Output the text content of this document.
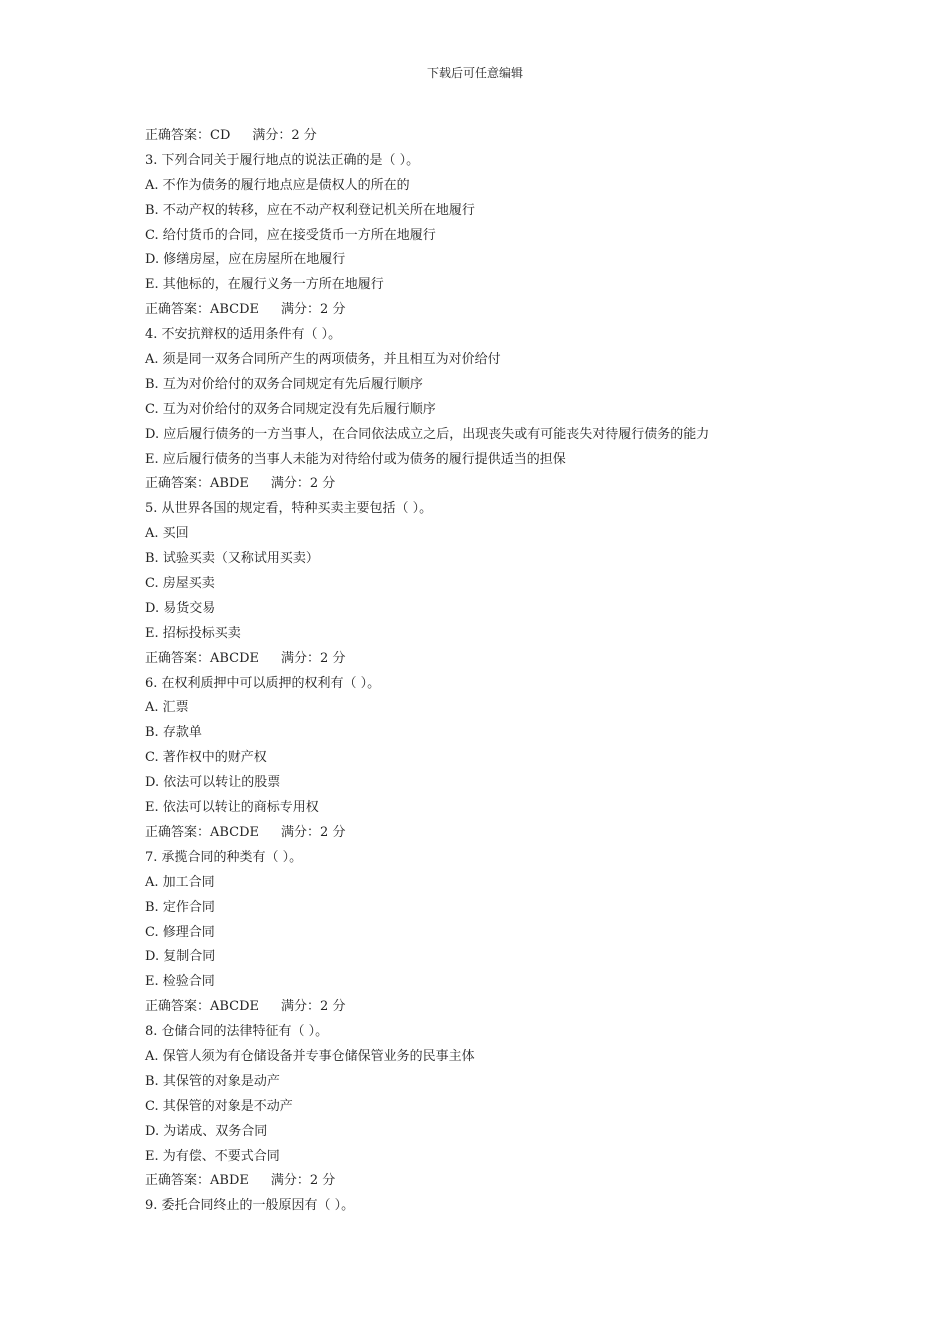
下载后可任意编辑
正确答案：CD 满分：2 分
3. 下列合同关于履行地点的说法正确的是（ ）。
A. 不作为债务的履行地点应是债权人的所在的
B. 不动产权的转移，应在不动产权利登记机关所在地履行
C. 给付货币的合同，应在接受货币一方所在地履行
D. 修缮房屋，应在房屋所在地履行
E. 其他标的，在履行义务一方所在地履行
正确答案：ABCDE 满分：2 分
4. 不安抗辩权的适用条件有（ ）。
A. 须是同一双务合同所产生的两项债务，并且相互为对价给付
B. 互为对价给付的双务合同规定有先后履行顺序
C. 互为对价给付的双务合同规定没有先后履行顺序
D. 应后履行债务的一方当事人，在合同依法成立之后，出现丧失或有可能丧失对待履行债务的能力
E. 应后履行债务的当事人未能为对待给付或为债务的履行提供适当的担保
正确答案：ABDE 满分：2 分
5. 从世界各国的规定看，特种买卖主要包括（ ）。
A. 买回
B. 试验买卖（又称试用买卖）
C. 房屋买卖
D. 易货交易
E. 招标投标买卖
正确答案：ABCDE 满分：2 分
6. 在权利质押中可以质押的权利有（ ）。
A. 汇票
B. 存款单
C. 著作权中的财产权
D. 依法可以转让的股票
E. 依法可以转让的商标专用权
正确答案：ABCDE 满分：2 分
7. 承揽合同的种类有（ ）。
A. 加工合同
B. 定作合同
C. 修理合同
D. 复制合同
E. 检验合同
正确答案：ABCDE 满分：2 分
8. 仓储合同的法律特征有（ ）。
A. 保管人须为有仓储设备并专事仓储保管业务的民事主体
B. 其保管的对象是动产
C. 其保管的对象是不动产
D. 为诺成、双务合同
E. 为有偿、不要式合同
正确答案：ABDE 满分：2 分
9. 委托合同终止的一般原因有（ ）。
